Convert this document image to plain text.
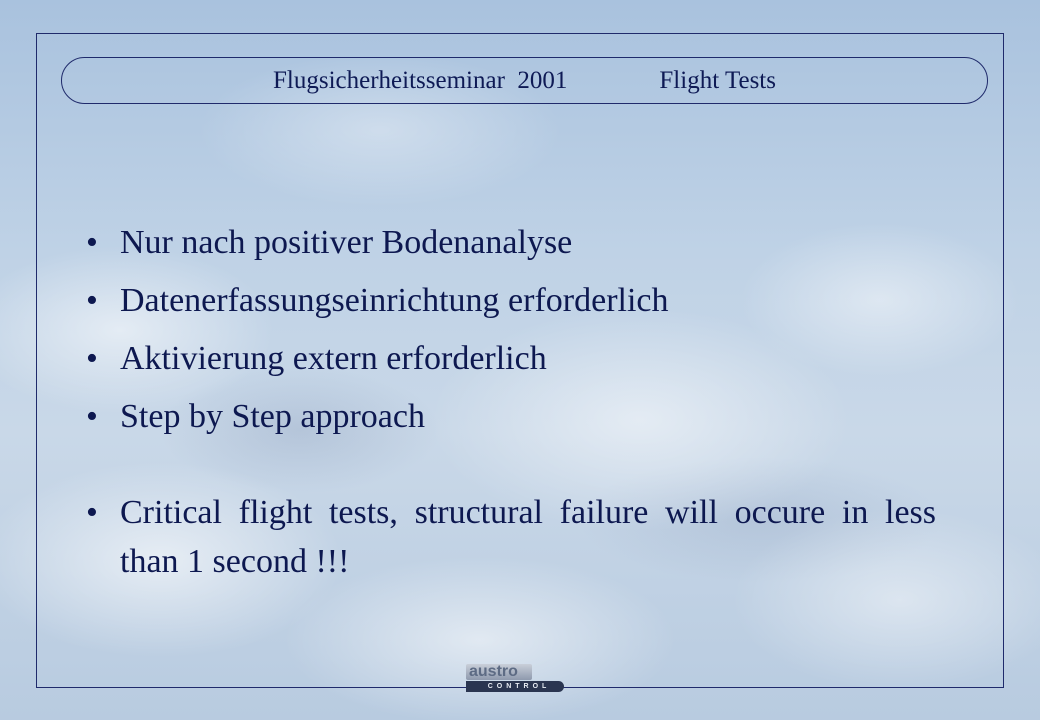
Flugsicherheitsseminar  2001	Flight Tests
• Nur nach positiver Bodenanalyse
• Datenerfassungseinrichtung erforderlich
• Aktivierung extern erforderlich
• Step by Step approach
• Critical flight tests, structural failure will occure in less than 1 second !!!
austro
CONTROL
